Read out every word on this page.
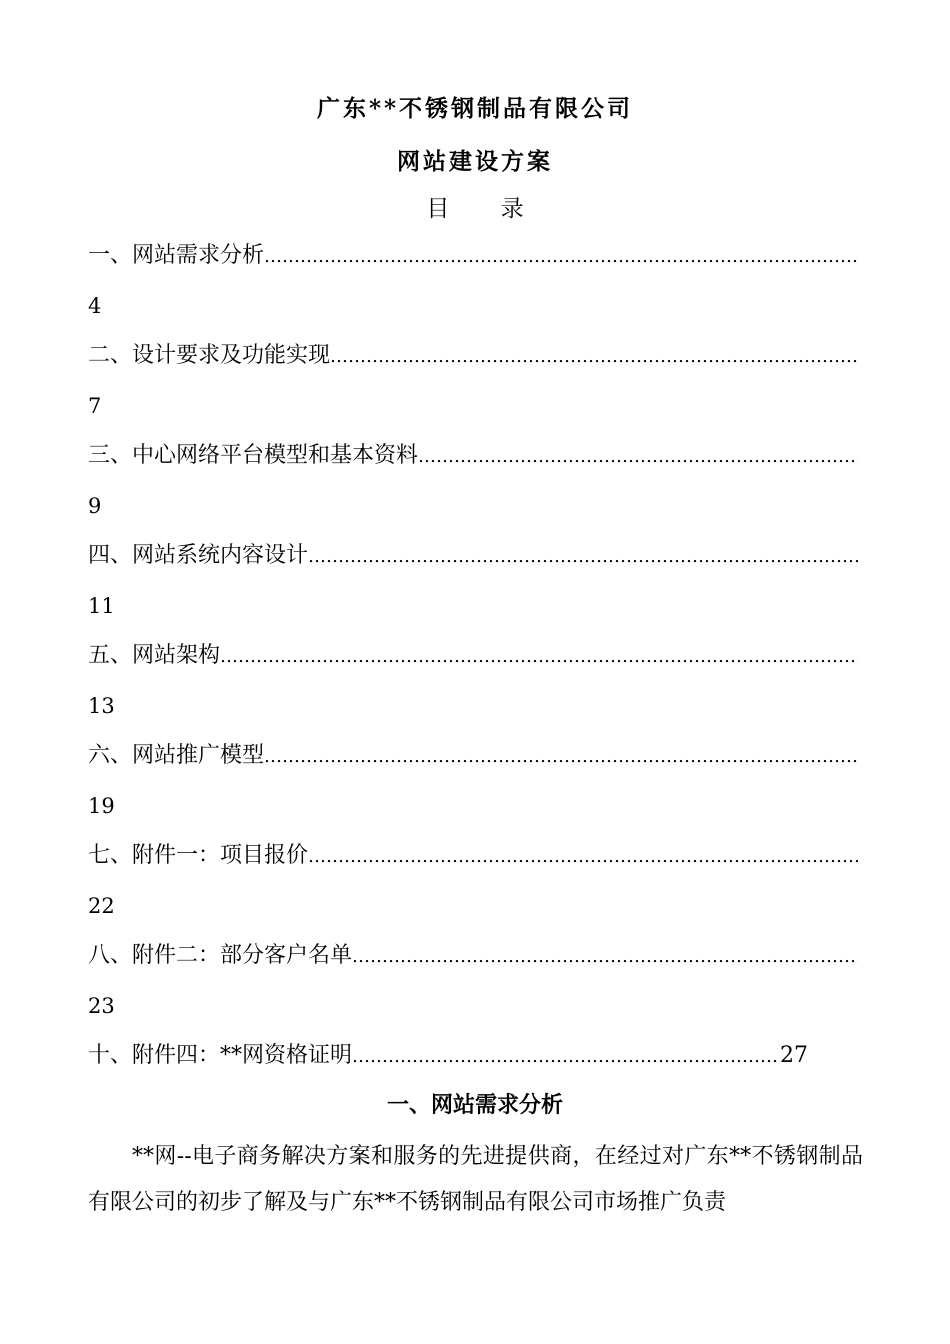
广东**不锈钢制品有限公司
网站建设方案
目 录
一、网站需求分析
…………………………………………………………………………………………………………………………………………………………………………………………
4
二、设计要求及功能实现
…………………………………………………………………………………………………………………………………………………………………………………………
7
三、中心网络平台模型和基本资料
…………………………………………………………………………………………………………………………………………………………………………………………
9
四、网站系统内容设计
…………………………………………………………………………………………………………………………………………………………………………………………
11
五、网站架构
…………………………………………………………………………………………………………………………………………………………………………………………
13
六、网站推广模型
…………………………………………………………………………………………………………………………………………………………………………………………
19
七、附件一：项目报价
…………………………………………………………………………………………………………………………………………………………………………………………
22
八、附件二：部分客户名单
…………………………………………………………………………………………………………………………………………………………………………………………
23
十、附件四：**网资格证明
…………………………………………………………………………………………………………………………………………………………………………………………	27
一、网站需求分析
**网--电子商务解决方案和服务的先进提供商，在经过对广东**不锈钢制品有限公司的初步了解及与广东**不锈钢制品有限公司市场推广负责
